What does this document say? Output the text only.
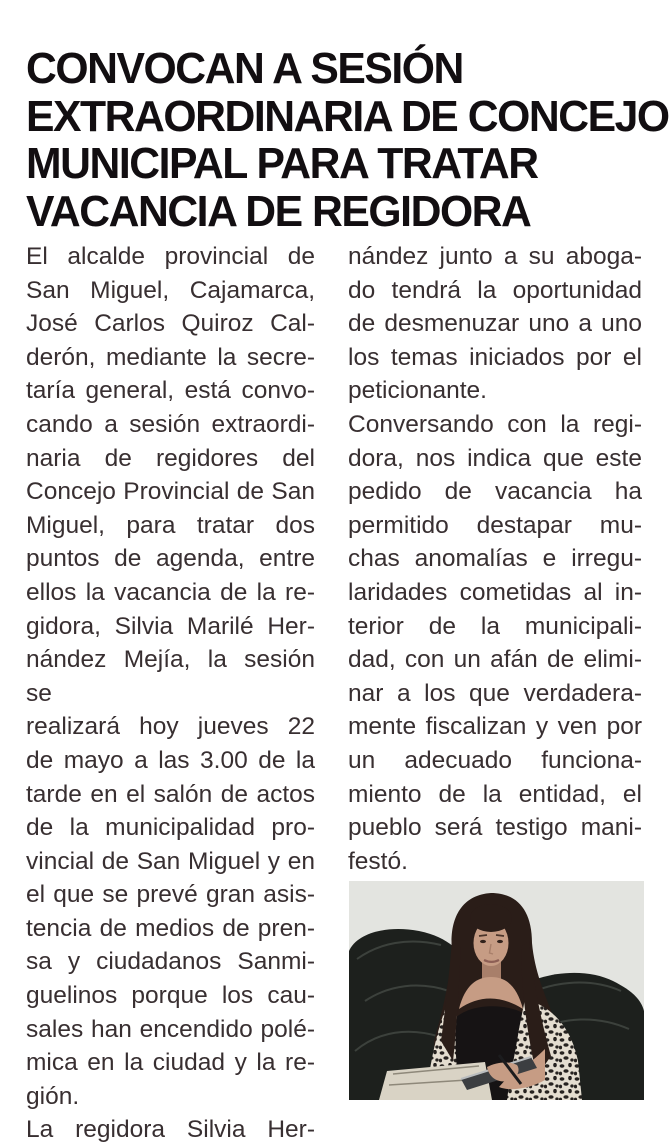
CONVOCAN A SESIÓN
EXTRAORDINARIA DE CONCEJO
MUNICIPAL PARA TRATAR
VACANCIA DE REGIDORA
El alcalde provincial de
San Miguel, Cajamarca,
José Carlos Quiroz Cal-
derón, mediante la secre-
taría general, está convo-
cando a sesión extraordi-
naria de regidores del
Concejo Provincial de San
Miguel, para tratar dos
puntos de agenda, entre
ellos la vacancia de la re-
gidora, Silvia Marilé Her-
nández Mejía, la sesión se
realizará hoy jueves 22
de mayo a las 3.00 de la
tarde en el salón de actos
de la municipalidad pro-
vincial de San Miguel y en
el que se prevé gran asis-
tencia de medios de pren-
sa y ciudadanos Sanmi-
guelinos porque los cau-
sales han encendido polé-
mica en la ciudad y la re-
gión.
La regidora Silvia Her-
nández junto a su aboga-
do tendrá la oportunidad
de desmenuzar uno a uno
los temas iniciados por el
peticionante.
Conversando con la regi-
dora, nos indica que este
pedido de vacancia ha
permitido destapar mu-
chas anomalías e irregu-
laridades cometidas al in-
terior de la municipali-
dad, con un afán de elimi-
nar a los que verdadera-
mente fiscalizan y ven por
un adecuado funciona-
miento de la entidad, el
pueblo será testigo mani-
festó.
